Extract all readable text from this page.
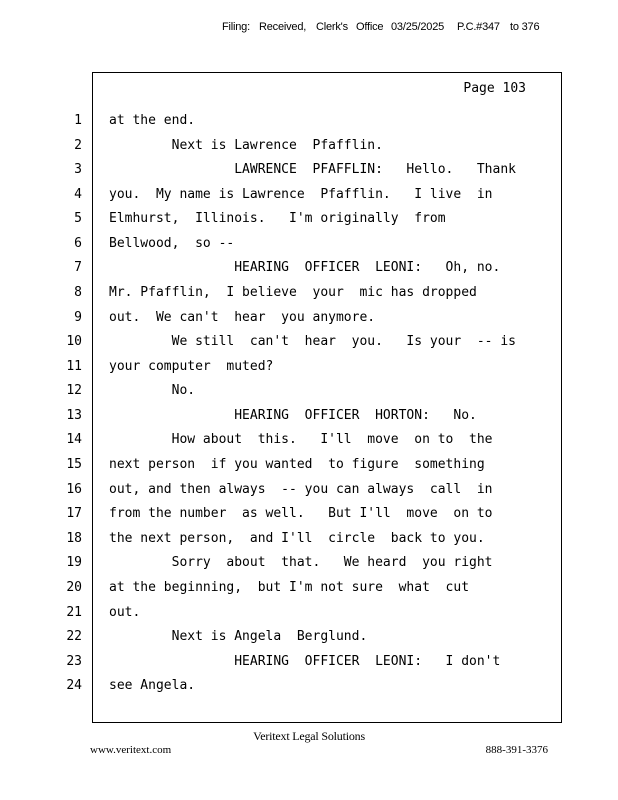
Filing: Received, Clerk's Office 03/25/2025 P.C.#347 to 376
Page 103
1 at the end.
2 Next is Lawrence  Pfafflin.
3 LAWRENCE  PFAFFLIN:   Hello.   Thank
4 you.  My name is Lawrence  Pfafflin.   I live  in
5 Elmhurst,  Illinois.   I'm originally  from
6 Bellwood,  so --
7 HEARING  OFFICER  LEONI:   Oh, no.
8 Mr. Pfafflin,  I believe  your  mic has dropped
9 out.  We can't  hear  you anymore.
10 We still  can't  hear  you.   Is your  -- is
11 your computer  muted?
12 No.
13 HEARING  OFFICER  HORTON:   No.
14 How about  this.   I'll  move  on to  the
15 next person  if you wanted  to figure  something
16 out, and then always  -- you can always  call  in
17 from the number  as well.   But I'll  move  on to
18 the next person,  and I'll  circle  back to you.
19 Sorry  about  that.   We heard  you right
20 at the beginning,  but I'm not sure  what  cut
21 out.
22 Next is Angela  Berglund.
23 HEARING  OFFICER  LEONI:   I don't
24 see Angela.
Veritext Legal Solutions
www.veritext.com	888-391-3376
